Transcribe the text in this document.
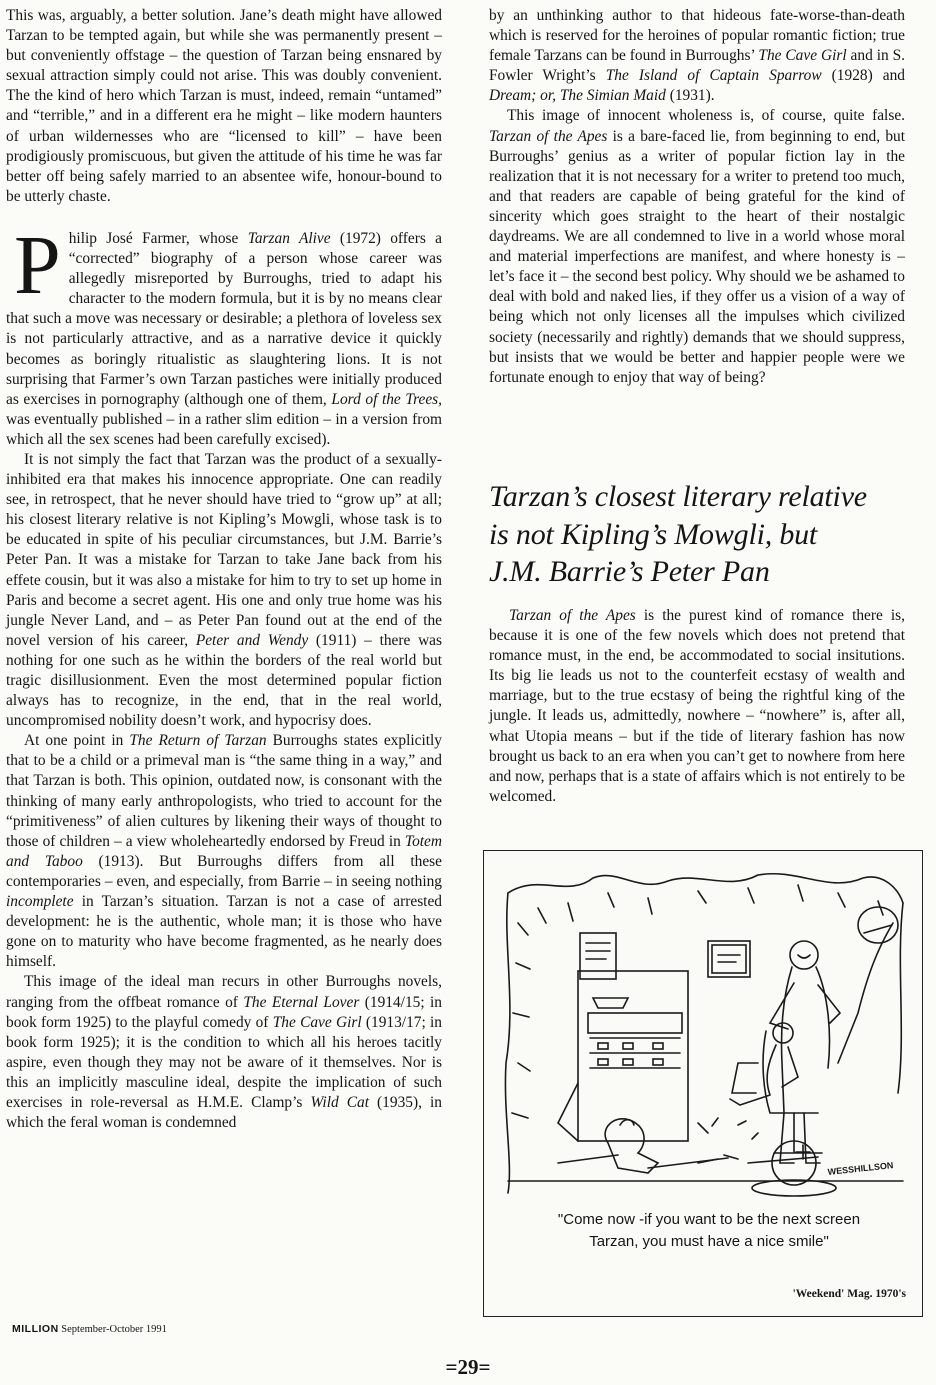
This was, arguably, a better solution. Jane’s death might have allowed Tarzan to be tempted again, but while she was permanently present – but conveniently offstage – the question of Tarzan being ensnared by sexual attraction simply could not arise. This was doubly convenient. The the kind of hero which Tarzan is must, indeed, remain “untamed” and “terrible,” and in a different era he might – like modern haunters of urban wildernesses who are “licensed to kill” – have been prodigiously promiscuous, but given the attitude of his time he was far better off being safely married to an absentee wife, honour-bound to be utterly chaste.

Philip José Farmer, whose Tarzan Alive (1972) offers a “corrected” biography of a person whose career was allegedly misreported by Burroughs, tried to adapt his character to the modern formula, but it is by no means clear that such a move was necessary or desirable; a plethora of loveless sex is not particularly attractive, and as a narrative device it quickly becomes as boringly ritualistic as slaughtering lions. It is not surprising that Farmer’s own Tarzan pastiches were initially produced as exercises in pornography (although one of them, Lord of the Trees, was eventually published – in a rather slim edition – in a version from which all the sex scenes had been carefully excised).

It is not simply the fact that Tarzan was the product of a sexually-inhibited era that makes his innocence appropriate. One can readily see, in retrospect, that he never should have tried to “grow up” at all; his closest literary relative is not Kipling’s Mowgli, whose task is to be educated in spite of his peculiar circumstances, but J.M. Barrie’s Peter Pan. It was a mistake for Tarzan to take Jane back from his effete cousin, but it was also a mistake for him to try to set up home in Paris and become a secret agent. His one and only true home was his jungle Never Land, and – as Peter Pan found out at the end of the novel version of his career, Peter and Wendy (1911) – there was nothing for one such as he within the borders of the real world but tragic disillusionment. Even the most determined popular fiction always has to recognize, in the end, that in the real world, uncompromised nobility doesn’t work, and hypocrisy does.

At one point in The Return of Tarzan Burroughs states explicitly that to be a child or a primeval man is “the same thing in a way,” and that Tarzan is both. This opinion, outdated now, is consonant with the thinking of many early anthropologists, who tried to account for the “primitiveness” of alien cultures by likening their ways of thought to those of children – a view wholeheartedly endorsed by Freud in Totem and Taboo (1913). But Burroughs differs from all these contemporaries – even, and especially, from Barrie – in seeing nothing incomplete in Tarzan’s situation. Tarzan is not a case of arrested development: he is the authentic, whole man; it is those who have gone on to maturity who have become fragmented, as he nearly does himself.

This image of the ideal man recurs in other Burroughs novels, ranging from the offbeat romance of The Eternal Lover (1914/15; in book form 1925) to the playful comedy of The Cave Girl (1913/17; in book form 1925); it is the condition to which all his heroes tacitly aspire, even though they may not be aware of it themselves. Nor is this an implicitly masculine ideal, despite the implication of such exercises in role-reversal as H.M.E. Clamp’s Wild Cat (1935), in which the feral woman is condemned

by an unthinking author to that hideous fate-worse-than-death which is reserved for the heroines of popular romantic fiction; true female Tarzans can be found in Burroughs’ The Cave Girl and in S. Fowler Wright’s The Island of Captain Sparrow (1928) and Dream; or, The Simian Maid (1931).

This image of innocent wholeness is, of course, quite false. Tarzan of the Apes is a bare-faced lie, from beginning to end, but Burroughs’ genius as a writer of popular fiction lay in the realization that it is not necessary for a writer to pretend too much, and that readers are capable of being grateful for the kind of sincerity which goes straight to the heart of their nostalgic daydreams. We are all condemned to live in a world whose moral and material imperfections are manifest, and where honesty is – let’s face it – the second best policy. Why should we be ashamed to deal with bold and naked lies, if they offer us a vision of a way of being which not only licenses all the impulses which civilized society (necessarily and rightly) demands that we should suppress, but insists that we would be better and happier people were we fortunate enough to enjoy that way of being?

Tarzan’s closest literary relative
is not Kipling’s Mowgli, but
J.M. Barrie’s Peter Pan

Tarzan of the Apes is the purest kind of romance there is, because it is one of the few novels which does not pretend that romance must, in the end, be accommodated to social insitutions. Its big lie leads us not to the counterfeit ecstasy of wealth and marriage, but to the true ecstasy of being the rightful king of the jungle. It leads us, admittedly, nowhere – “nowhere” is, after all, what Utopia means – but if the tide of literary fashion has now brought us back to an era when you can’t get to nowhere from here and now, perhaps that is a state of affairs which is not entirely to be welcomed.

WESSHILLSON
"Come now -if you want to be the next screen
Tarzan, you must have a nice smile"
'Weekend' Mag. 1970's
MILLION September-October 1991
=29=
